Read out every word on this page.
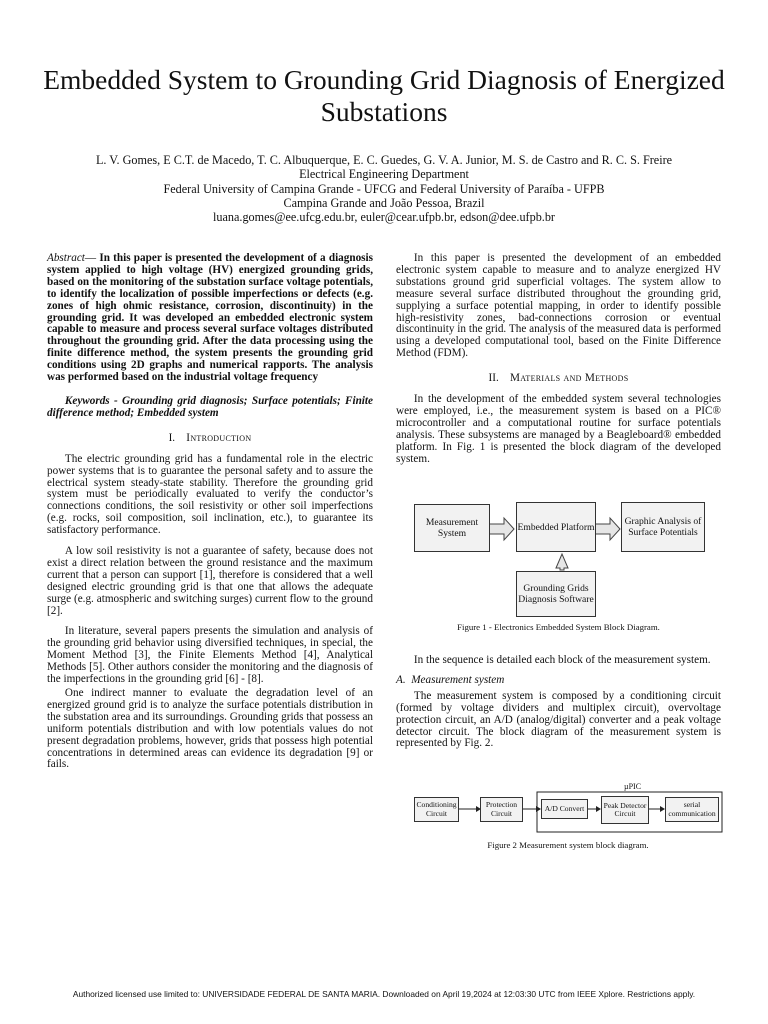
Embedded System to Grounding Grid Diagnosis of Energized Substations
L. V. Gomes, E C.T. de Macedo, T. C. Albuquerque, E. C. Guedes, G. V. A. Junior, M. S. de Castro and R. C. S. Freire
Electrical Engineering Department
Federal University of Campina Grande - UFCG and Federal University of Paraíba - UFPB
Campina Grande and João Pessoa, Brazil
luana.gomes@ee.ufcg.edu.br, euler@cear.ufpb.br, edson@dee.ufpb.br

Abstract— In this paper is presented the development of a diagnosis system applied to high voltage (HV) energized grounding grids, based on the monitoring of the substation surface voltage potentials, to identify the localization of possible imperfections or defects (e.g. zones of high ohmic resistance, corrosion, discontinuity) in the grounding grid. It was developed an embedded electronic system capable to measure and process several surface voltages distributed throughout the grounding grid. After the data processing using the finite difference method, the system presents the grounding grid conditions using 2D graphs and numerical rapports. The analysis was performed based on the industrial voltage frequency

Keywords - Grounding grid diagnosis; Surface potentials; Finite difference method; Embedded system

I. Introduction

The electric grounding grid has a fundamental role in the electric power systems that is to guarantee the personal safety and to assure the electrical system steady-state stability. Therefore the grounding grid system must be periodically evaluated to verify the conductor’s connections conditions, the soil resistivity or other soil imperfections (e.g. rocks, soil composition, soil inclination, etc.), to guarantee its satisfactory performance.

A low soil resistivity is not a guarantee of safety, because does not exist a direct relation between the ground resistance and the maximum current that a person can support [1], therefore is considered that a well designed electric grounding grid is that one that allows the adequate surge (e.g. atmospheric and switching surges) current flow to the ground [2].

In literature, several papers presents the simulation and analysis of the grounding grid behavior using diversified techniques, in special, the Moment Method [3], the Finite Elements Method [4], Analytical Methods [5]. Other authors consider the monitoring and the diagnosis of the imperfections in the grounding grid [6] - [8].

One indirect manner to evaluate the degradation level of an energized ground grid is to analyze the surface potentials distribution in the substation area and its surroundings. Grounding grids that possess an uniform potentials distribution and with low potentials values do not present degradation problems, however, grids that possess high potential concentrations in determined areas can evidence its degradation [9] or fails.

In this paper is presented the development of an embedded electronic system capable to measure and to analyze energized HV substations ground grid superficial voltages. The system allow to measure several surface distributed throughout the grounding grid, supplying a surface potential mapping, in order to identify possible high-resistivity zones, bad-connections corrosion or eventual discontinuity in the grid. The analysis of the measured data is performed using a developed computational tool, based on the Finite Difference Method (FDM).

II. Materials and Methods

In the development of the embedded system several technologies were employed, i.e., the measurement system is based on a PIC® microcontroller and a computational routine for surface potentials analysis. These subsystems are managed by a Beagleboard® embedded platform. In Fig. 1 is presented the block diagram of the developed system.

Measurement System
Embedded Platform	Graphic Analysis of Surface Potentials
Grounding Grids Diagnosis Software
Figure 1 - Electronics Embedded System Block Diagram.

In the sequence is detailed each block of the measurement system.

A. Measurement system

The measurement system is composed by a conditioning circuit (formed by voltage dividers and multiplex circuit), overvoltage protection circuit, an A/D (analog/digital) converter and a peak voltage detector circuit. The block diagram of the measurement system is represented by Fig. 2.

µPIC
Conditioning Circuit
Protection Circuit
A/D Convert	Peak Detector Circuit
serial communication
Figure 2 Measurement system block diagram.
Authorized licensed use limited to: UNIVERSIDADE FEDERAL DE SANTA MARIA. Downloaded on April 19,2024 at 12:03:30 UTC from IEEE Xplore. Restrictions apply.
